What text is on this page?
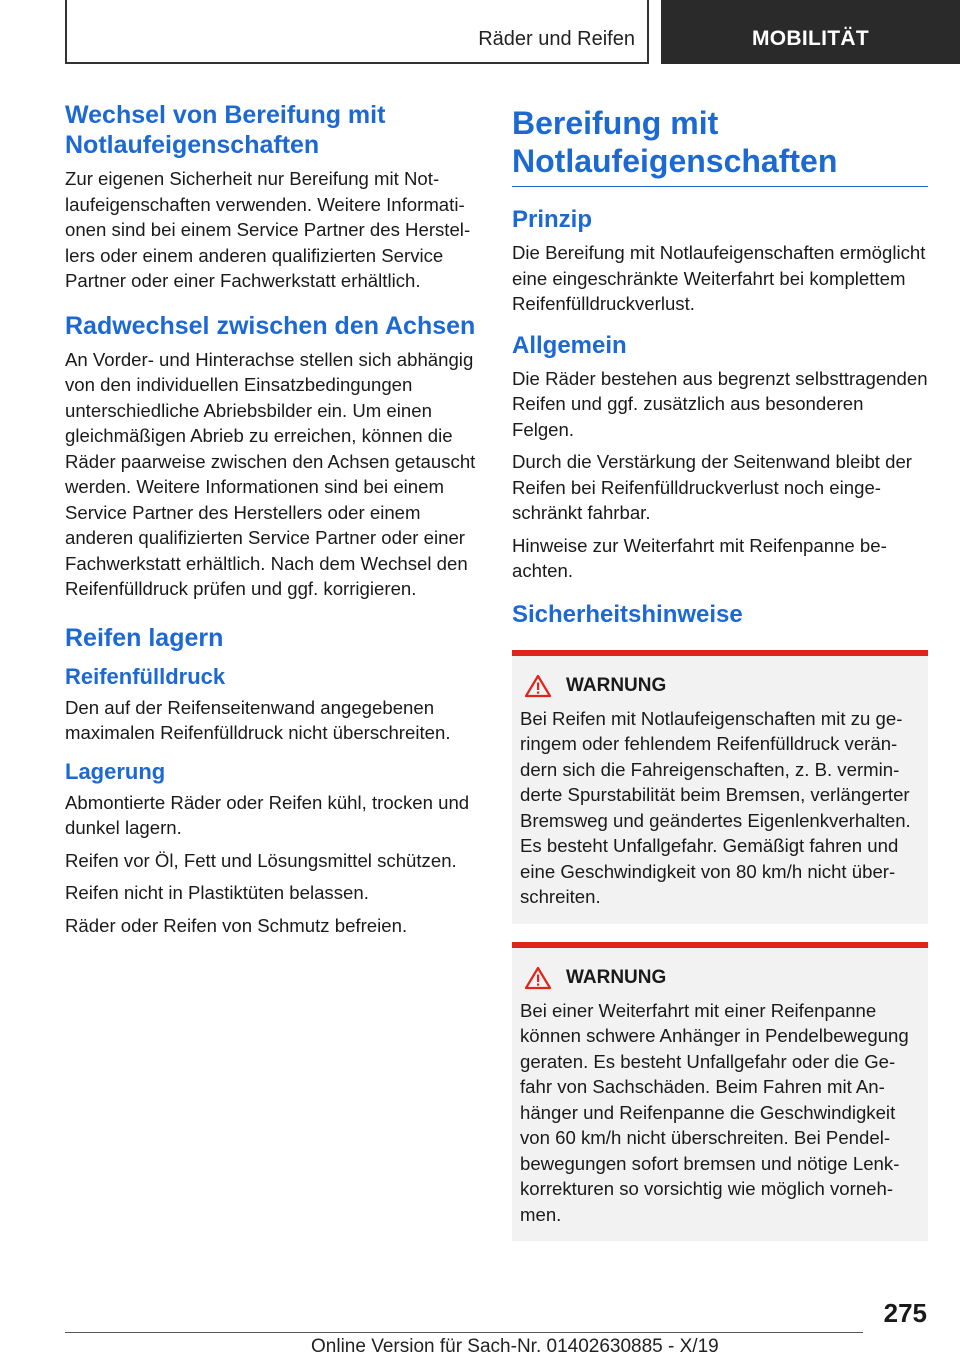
Räder und Reifen	MOBILITÄT
Wechsel von Bereifung mit Notlaufeigenschaften

Zur eigenen Sicherheit nur Bereifung mit Notlaufeigenschaften verwenden. Weitere Informationen sind bei einem Service Partner des Herstellers oder einem anderen qualifizierten Service Partner oder einer Fachwerkstatt erhältlich.

Radwechsel zwischen den Achsen

An Vorder- und Hinterachse stellen sich abhängig von den individuellen Einsatzbedingungen unterschiedliche Abriebsbilder ein. Um einen gleichmäßigen Abrieb zu erreichen, können die Räder paarweise zwischen den Achsen getauscht werden. Weitere Informationen sind bei einem Service Partner des Herstellers oder einem anderen qualifizierten Service Partner oder einer Fachwerkstatt erhältlich. Nach dem Wechsel den Reifenfülldruck prüfen und ggf. korrigieren.

Reifen lagern
Reifenfülldruck

Den auf der Reifenseitenwand angegebenen maximalen Reifenfülldruck nicht überschreiten.

Lagerung

Abmontierte Räder oder Reifen kühl, trocken und dunkel lagern.

Reifen vor Öl, Fett und Lösungsmittel schützen.

Reifen nicht in Plastiktüten belassen.

Räder oder Reifen von Schmutz befreien.

Bereifung mit Notlaufeigenschaften
Prinzip

Die Bereifung mit Notlaufeigenschaften ermöglicht eine eingeschränkte Weiterfahrt bei komplettem Reifenfülldruckverlust.

Allgemein

Die Räder bestehen aus begrenzt selbsttragenden Reifen und ggf. zusätzlich aus besonderen Felgen.

Durch die Verstärkung der Seitenwand bleibt der Reifen bei Reifenfülldruckverlust noch eingeschränkt fahrbar.

Hinweise zur Weiterfahrt mit Reifenpanne beachten.

Sicherheitshinweise
WARNUNG

Bei Reifen mit Notlaufeigenschaften mit zu geringem oder fehlendem Reifenfülldruck verändern sich die Fahreigenschaften, z. B. verminderte Spurstabilität beim Bremsen, verlängerter Bremsweg und geändertes Eigenlenkverhalten. Es besteht Unfallgefahr. Gemäßigt fahren und eine Geschwindigkeit von 80 km/h nicht überschreiten.

WARNUNG

Bei einer Weiterfahrt mit einer Reifenpanne können schwere Anhänger in Pendelbewegung geraten. Es besteht Unfallgefahr oder die Gefahr von Sachschäden. Beim Fahren mit Anhänger und Reifenpanne die Geschwindigkeit von 60 km/h nicht überschreiten. Bei Pendelbewegungen sofort bremsen und nötige Lenkkorrekturen so vorsichtig wie möglich vornehmen.

275
Online Version für Sach-Nr. 01402630885 - X/19
